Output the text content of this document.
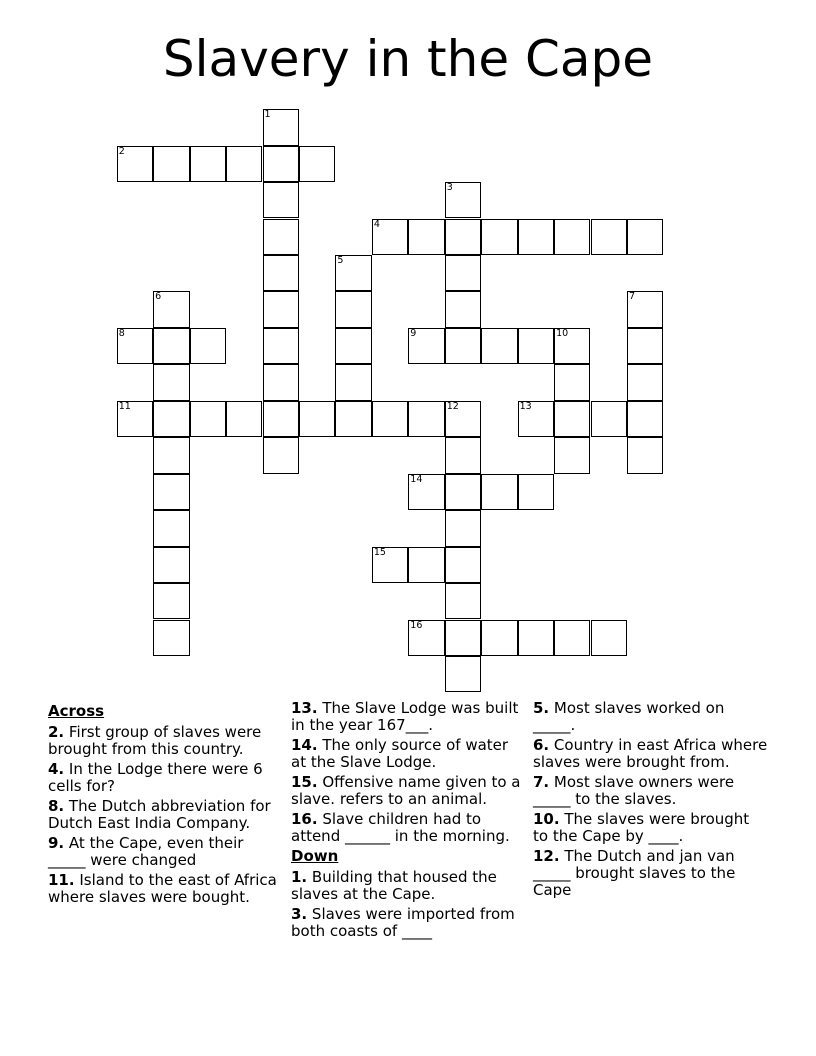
Slavery in the Cape
2
4
8	9	10
11	12	13
14
15
16
1
3
5
6	7
Across
2. First group of slaves were brought from this country.
4. In the Lodge there were 6 cells for?
8. The Dutch abbreviation for Dutch East India Company.
9. At the Cape, even their _____ were changed
11. Island to the east of Africa where slaves were bought.
13. The Slave Lodge was built in the year 167___.
14. The only source of water at the Slave Lodge.
15. Offensive name given to a slave. refers to an animal.
16. Slave children had to attend ______ in the morning.
Down
1. Building that housed the slaves at the Cape.
3. Slaves were imported from both coasts of ____
5. Most slaves worked on _____.
6. Country in east Africa where slaves were brought from.
7. Most slave owners were _____ to the slaves.
10. The slaves were brought to the Cape by ____.
12. The Dutch and jan van _____ brought slaves to the Cape
